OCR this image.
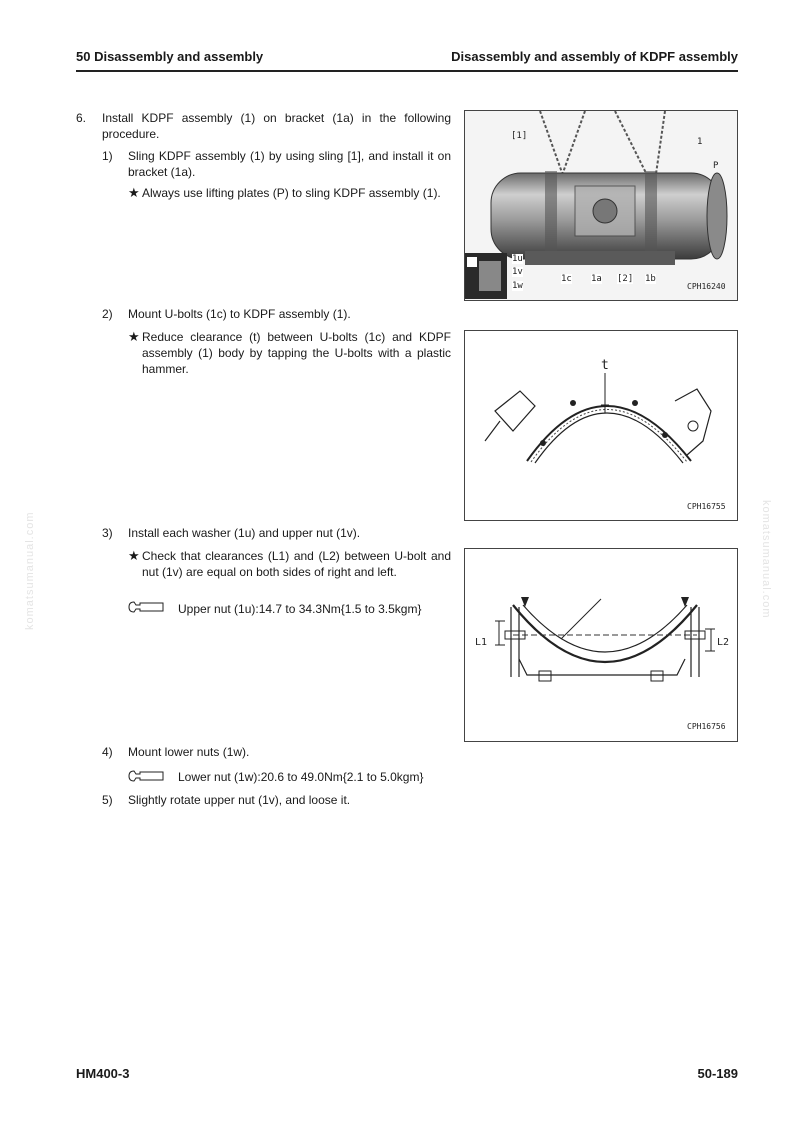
50 Disassembly and assembly	Disassembly and assembly of KDPF assembly
komatsumanual.com	komatsumanual.com
6. Install KDPF assembly (1) on bracket (1a) in the following procedure.
1) Sling KDPF assembly (1) by using sling [1], and install it on bracket (1a).
★ Always use lifting plates (P) to sling KDPF assembly (1).
[1]
1
P
1u
1v
1w
1c 1a [2] 1b
CPH16240
2) Mount U-bolts (1c) to KDPF assembly (1).
★ Reduce clearance (t) between U-bolts (1c) and KDPF assembly (1) body by tapping the U-bolts with a plastic hammer.	t
CPH16755
3) Install each washer (1u) and upper nut (1v).
★ Check that clearances (L1) and (L2) between U-bolt and nut (1v) are equal on both sides of right and left.
Upper nut (1u):14.7 to 34.3Nm{1.5 to 3.5kgm}
L1	L2
CPH16756
4) Mount lower nuts (1w).
Lower nut (1w):20.6 to 49.0Nm{2.1 to 5.0kgm}
5) Slightly rotate upper nut (1v), and loose it.
HM400-3	50-189
